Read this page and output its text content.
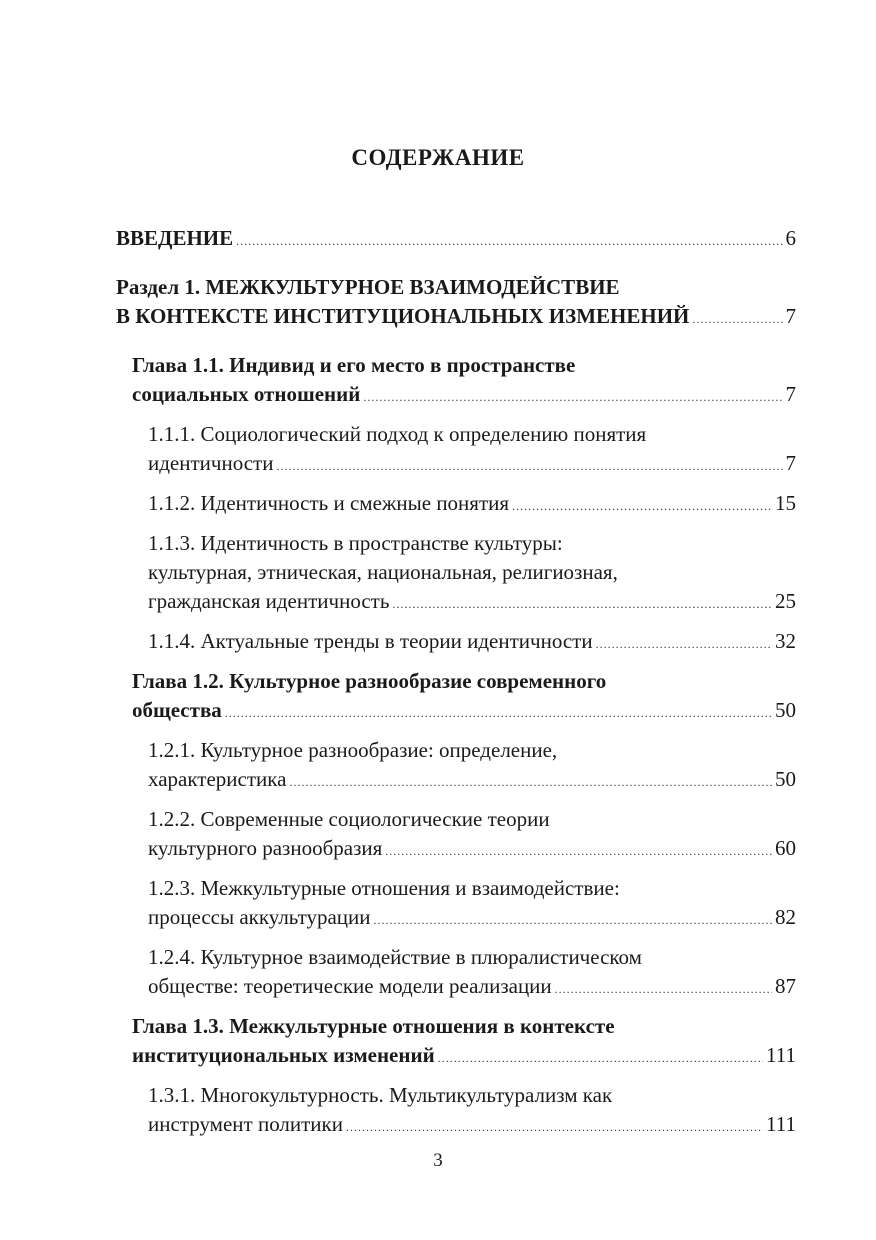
СОДЕРЖАНИЕ
ВВЕДЕНИЕ .....	6
Раздел 1. МЕЖКУЛЬТУРНОЕ ВЗАИМОДЕЙСТВИЕ
В КОНТЕКСТЕ ИНСТИТУЦИОНАЛЬНЫХ ИЗМЕНЕНИЙ .....	7
Глава 1.1. Индивид и его место в пространстве
социальных отношений .....	7
1.1.1. Социологический подход к определению понятия
идентичности .....	7
1.1.2. Идентичность и смежные понятия .....	15
1.1.3. Идентичность в пространстве культуры:
культурная, этническая, национальная, религиозная,
гражданская идентичность .....	25
1.1.4. Актуальные тренды в теории идентичности .....	32
Глава 1.2. Культурное разнообразие современного
общества .....	50
1.2.1. Культурное разнообразие: определение,
характеристика .....	50
1.2.2. Современные социологические теории
культурного разнообразия .....	60
1.2.3. Межкультурные отношения и взаимодействие:
процессы аккультурации .....	82
1.2.4. Культурное взаимодействие в плюралистическом
обществе: теоретические модели реализации .....	87
Глава 1.3. Межкультурные отношения в контексте
институциональных изменений .....	111
1.3.1. Многокультурность. Мультикультурализм как
инструмент политики .....	111
3
